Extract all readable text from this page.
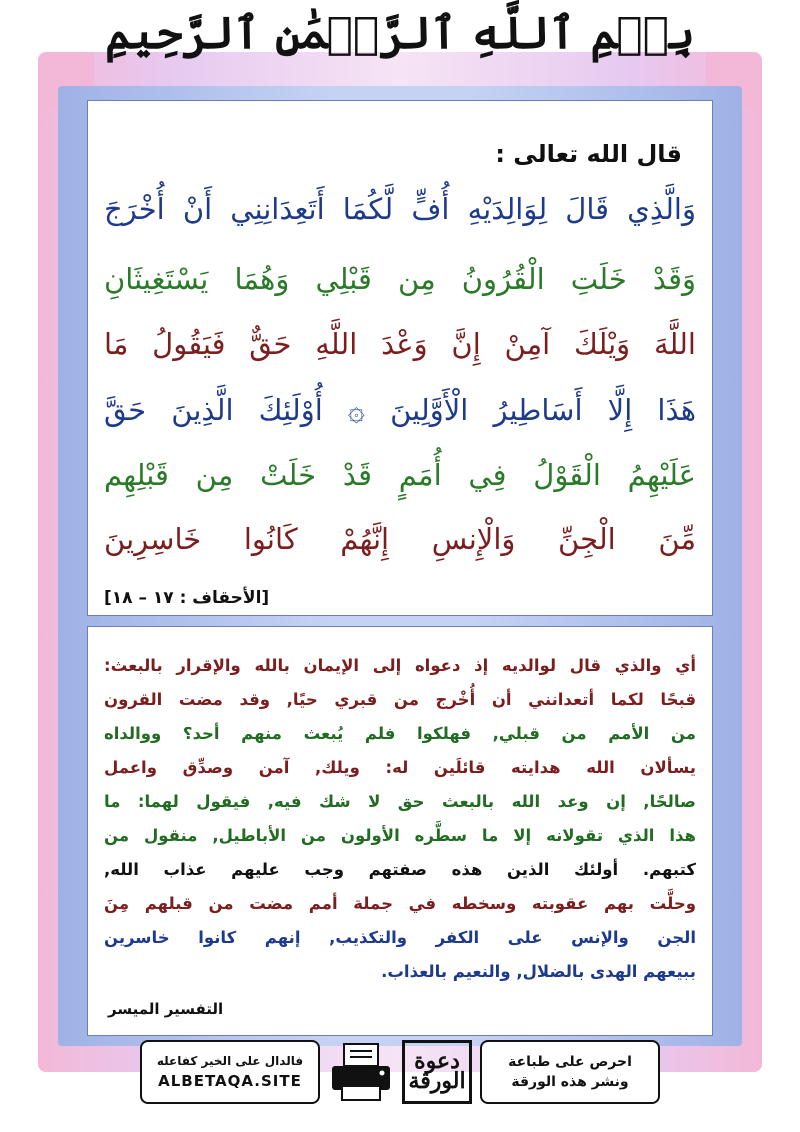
بِسۡمِ ٱللَّهِ ٱلرَّحۡمَٰنِ ٱلرَّحِيمِ
قال الله تعالى :
وَالَّذِي قَالَ لِوَالِدَيْهِ أُفٍّ لَّكُمَا أَتَعِدَانِنِي أَنْ أُخْرَجَ
وَقَدْ خَلَتِ الْقُرُونُ مِن قَبْلِي وَهُمَا يَسْتَغِيثَانِ
اللَّهَ وَيْلَكَ آمِنْ إِنَّ وَعْدَ اللَّهِ حَقٌّ فَيَقُولُ مَا
هَذَا إِلَّا أَسَاطِيرُ الْأَوَّلِينَ ۞ أُوْلَئِكَ الَّذِينَ حَقَّ
عَلَيْهِمُ الْقَوْلُ فِي أُمَمٍ قَدْ خَلَتْ مِن قَبْلِهِم
مِّنَ الْجِنِّ وَالْإِنسِ إِنَّهُمْ كَانُوا خَاسِرِينَ
[الأحقاف : ١٧ – ١٨]
أي والذي قال لوالديه إذ دعواه إلى الإيمان بالله والإقرار بالبعث:
قبحًا لكما أتعدانني أن أُخْرج من قبري حيًا, وقد مضت القرون
من الأمم من قبلي, فهلكوا فلم يُبعث منهم أحد؟ ووالداه
يسألان الله هدايته قائلَين له: ويلك, آمن وصدِّق واعمل
صالحًا, إن وعد الله بالبعث حق لا شك فيه, فيقول لهما: ما
هذا الذي تقولانه إلا ما سطَّره الأولون من الأباطيل, منقول من
كتبهم. أولئك الذين هذه صفتهم وجب عليهم عذاب الله,
وحلَّت بهم عقوبته وسخطه في جملة أمم مضت من قبلهم مِنَ
الجن والإنس على الكفر والتكذيب, إنهم كانوا خاسرين
ببيعهم الهدى بالضلال, والنعيم بالعذاب.
التفسير الميسر
فالدال على الخير كفاعله
ALBETAQA.SITE
دعوة
الورقة
احرص على طباعة
ونشر هذه الورقة
